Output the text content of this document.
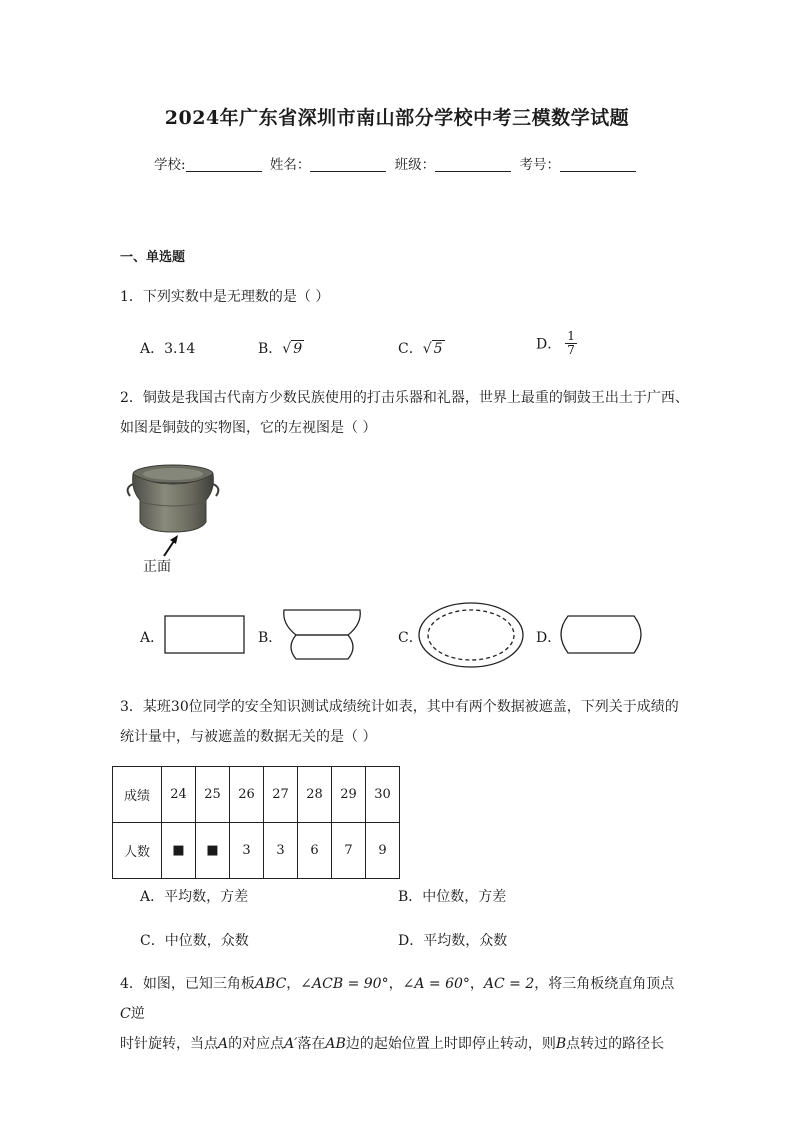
2024年广东省深圳市南山部分学校中考三模数学试题
学校:	姓名：	班级：	考号：
一、单选题
1．下列实数中是无理数的是（ ）
A．3.14	B．√ 9	C．√ 5	D． $\frac{1}{7}$
2．铜鼓是我国古代南方少数民族使用的打击乐器和礼器，世界上最重的铜鼓王出土于广西、
如图是铜鼓的实物图，它的左视图是（ ）
正面
A．	B．	C．	D．
3．某班30位同学的安全知识测试成绩统计如表，其中有两个数据被遮盖，下列关于成绩的
统计量中，与被遮盖的数据无关的是（ ）
成绩	24	25	26	27	28	29	30
人数	■	■	3	3	6	7	9
A．平均数，方差	B．中位数，方差
C．中位数，众数	D．平均数，众数
4．如图，已知三角板ABC，∠ACB = 90°，∠A = 60°，AC = 2，将三角板绕直角顶点C逆
时针旋转，当点A的对应点A′落在AB边的起始位置上时即停止转动，则B点转过的路径长
